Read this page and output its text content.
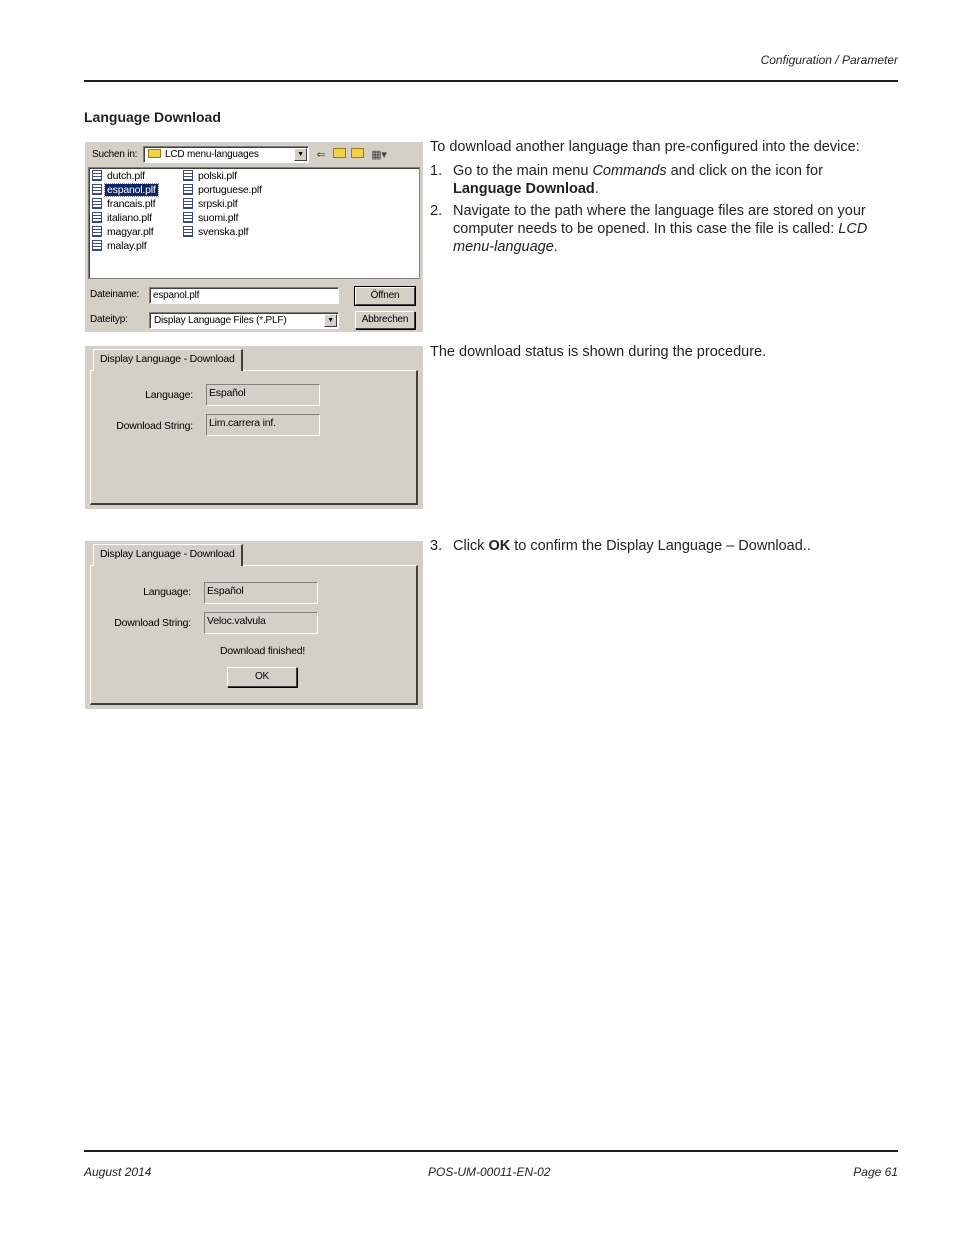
Configuration / Parameter
Language Download
Suchen in:	LCD menu-languages	▼	⇐	▦▾
dutch.plf
espanol.plf
francais.plf
italiano.plf
magyar.plf
malay.plf
polski.plf
portuguese.plf
srpski.plf
suomi.plf
svenska.plf
Dateiname:	espanol.plf	Öffnen
Dateityp:	Display Language Files (*.PLF)	▼	Abbrechen
Display Language - Download
Language: Español
Download String: Lim.carrera inf.
Display Language - Download
Language: Español
Download String: Veloc.valvula
Download finished!
OK
To download another language than pre-configured into the device:
1. Go to the main menu Commands and click on the icon for
Language Download.
2. Navigate to the path where the language files are stored on your computer needs to be opened. In this case the file is called: LCD menu-language.
The download status is shown during the procedure.
3. Click OK to confirm the Display Language – Download..
August 2014	POS-UM-00011-EN-02	Page 61
